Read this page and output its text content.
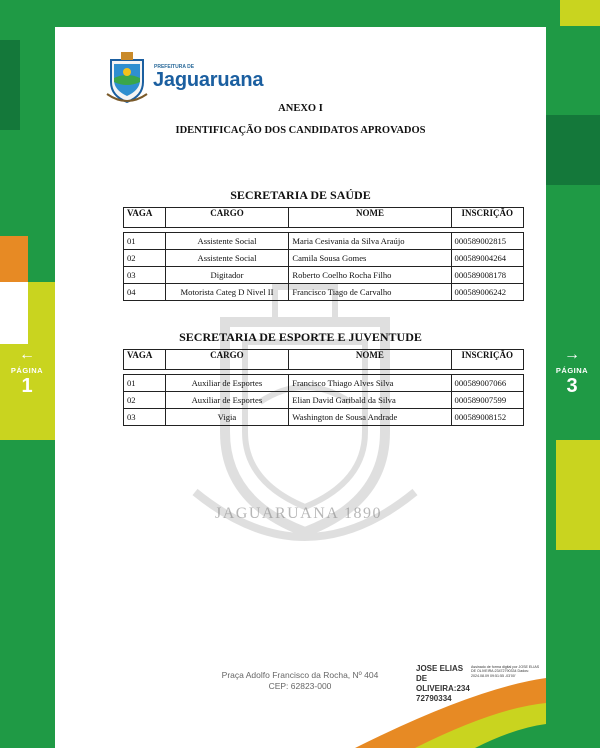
←
PÁGINA
1
→
PÁGINA
3
PREFEITURA DE
Jaguaruana
JAGUARUANA 1890
ANEXO I
IDENTIFICAÇÃO DOS CANDIDATOS APROVADOS
SECRETARIA DE SAÚDE
VAGA	CARGO	NOME	INSCRIÇÃO

01	Assistente Social	Maria Cesivania da Silva Araújo	000589002815
02	Assistente Social	Camila Sousa Gomes	000589004264
03	Digitador	Roberto Coelho Rocha Filho	000589008178
04	Motorista Categ D Nivel II	Francisco Tiago de Carvalho	000589006242
SECRETARIA DE ESPORTE E JUVENTUDE
VAGA	CARGO	NOME	INSCRIÇÃO

01	Auxiliar de Esportes	Francisco Thiago Alves Silva	000589007066
02	Auxiliar de Esportes	Elian David Garibald da Silva	000589007599
03	Vigia	Washington de Sousa Andrade	000589008152
Praça Adolfo Francisco da Rocha, Nº 404
CEP: 62823-000
JOSE ELIAS DE OLIVEIRA:234 72790334
Assinado de forma digital por JOSE ELIAS DE OLIVEIRA:23472790334 Dados: 2024.08.09 09:51:55 -03'00'
